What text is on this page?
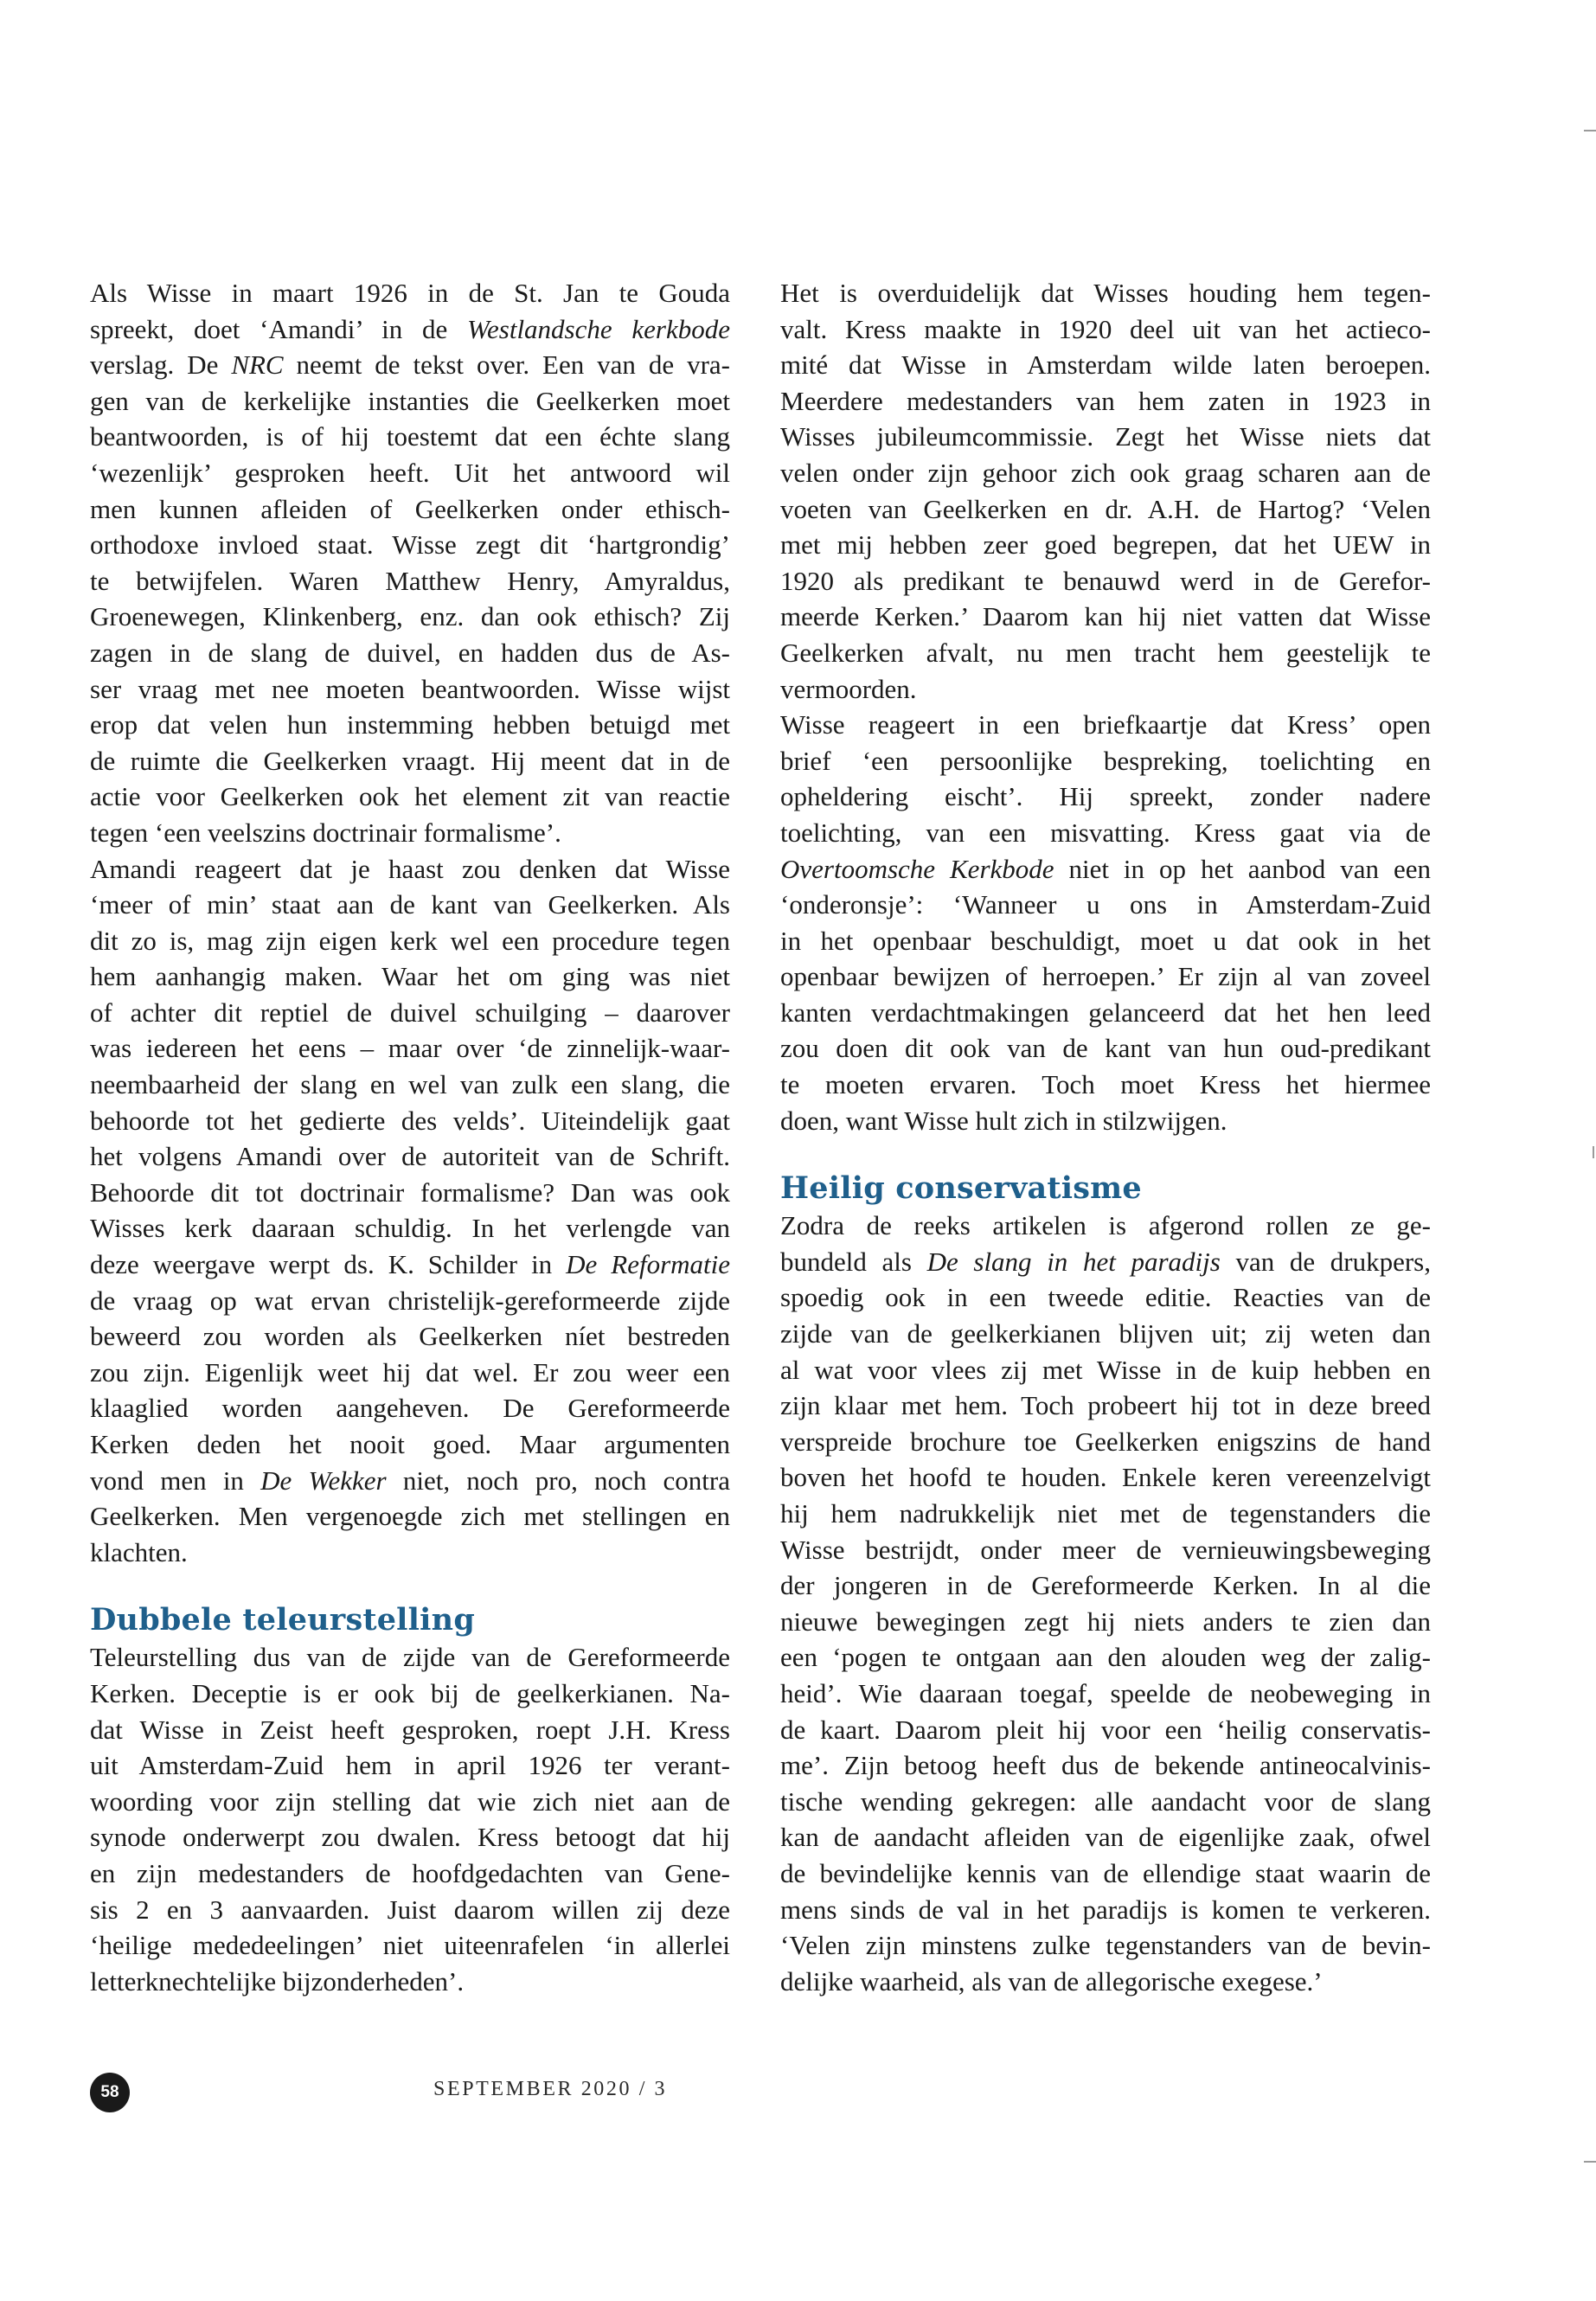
Als Wisse in maart 1926 in de St. Jan te Gouda
spreekt, doet ‘Amandi’ in de Westlandsche kerkbode
verslag. De NRC neemt de tekst over. Een van de vra-
gen van de kerkelijke instanties die Geelkerken moet
beantwoorden, is of hij toestemt dat een échte slang
‘wezenlijk’ gesproken heeft. Uit het antwoord wil
men kunnen afleiden of Geelkerken onder ethisch-
orthodoxe invloed staat. Wisse zegt dit ‘hartgrondig’
te betwijfelen. Waren Matthew Henry, Amyraldus,
Groenewegen, Klinkenberg, enz. dan ook ethisch? Zij
zagen in de slang de duivel, en hadden dus de As-
ser vraag met nee moeten beantwoorden. Wisse wijst
erop dat velen hun instemming hebben betuigd met
de ruimte die Geelkerken vraagt. Hij meent dat in de
actie voor Geelkerken ook het element zit van reactie
tegen ‘een veelszins doctrinair formalisme’.
Amandi reageert dat je haast zou denken dat Wisse
‘meer of min’ staat aan de kant van Geelkerken. Als
dit zo is, mag zijn eigen kerk wel een procedure tegen
hem aanhangig maken. Waar het om ging was niet
of achter dit reptiel de duivel schuilging – daarover
was iedereen het eens – maar over ‘de zinnelijk-waar-
neembaarheid der slang en wel van zulk een slang, die
behoorde tot het gedierte des velds’. Uiteindelijk gaat
het volgens Amandi over de autoriteit van de Schrift.
Behoorde dit tot doctrinair formalisme? Dan was ook
Wisses kerk daaraan schuldig. In het verlengde van
deze weergave werpt ds. K. Schilder in De Reformatie
de vraag op wat ervan christelijk-gereformeerde zijde
beweerd zou worden als Geelkerken níet bestreden
zou zijn. Eigenlijk weet hij dat wel. Er zou weer een
klaaglied worden aangeheven. De Gereformeerde
Kerken deden het nooit goed. Maar argumenten
vond men in De Wekker niet, noch pro, noch contra
Geelkerken. Men vergenoegde zich met stellingen en
klachten.
Dubbele teleurstelling
Teleurstelling dus van de zijde van de Gereformeerde
Kerken. Deceptie is er ook bij de geelkerkianen. Na-
dat Wisse in Zeist heeft gesproken, roept J.H. Kress
uit Amsterdam-Zuid hem in april 1926 ter verant-
woording voor zijn stelling dat wie zich niet aan de
synode onderwerpt zou dwalen. Kress betoogt dat hij
en zijn medestanders de hoofdgedachten van Gene-
sis 2 en 3 aanvaarden. Juist daarom willen zij deze
‘heilige mededeelingen’ niet uiteenrafelen ‘in allerlei
letterknechtelijke bijzonderheden’.
Het is overduidelijk dat Wisses houding hem tegen-
valt. Kress maakte in 1920 deel uit van het actieco-
mité dat Wisse in Amsterdam wilde laten beroepen.
Meerdere medestanders van hem zaten in 1923 in
Wisses jubileumcommissie. Zegt het Wisse niets dat
velen onder zijn gehoor zich ook graag scharen aan de
voeten van Geelkerken en dr. A.H. de Hartog? ‘Velen
met mij hebben zeer goed begrepen, dat het UEW in
1920 als predikant te benauwd werd in de Gerefor-
meerde Kerken.’ Daarom kan hij niet vatten dat Wisse
Geelkerken afvalt, nu men tracht hem geestelijk te
vermoorden.
Wisse reageert in een briefkaartje dat Kress’ open
brief ‘een persoonlijke bespreking, toelichting en
opheldering eischt’. Hij spreekt, zonder nadere
toelichting, van een misvatting. Kress gaat via de
Overtoomsche Kerkbode niet in op het aanbod van een
‘onderonsje’: ‘Wanneer u ons in Amsterdam-Zuid
in het openbaar beschuldigt, moet u dat ook in het
openbaar bewijzen of herroepen.’ Er zijn al van zoveel
kanten verdachtmakingen gelanceerd dat het hen leed
zou doen dit ook van de kant van hun oud-predikant
te moeten ervaren. Toch moet Kress het hiermee
doen, want Wisse hult zich in stilzwijgen.
Heilig conservatisme
Zodra de reeks artikelen is afgerond rollen ze ge-
bundeld als De slang in het paradijs van de drukpers,
spoedig ook in een tweede editie. Reacties van de
zijde van de geelkerkianen blijven uit; zij weten dan
al wat voor vlees zij met Wisse in de kuip hebben en
zijn klaar met hem. Toch probeert hij tot in deze breed
verspreide brochure toe Geelkerken enigszins de hand
boven het hoofd te houden. Enkele keren vereenzelvigt
hij hem nadrukkelijk niet met de tegenstanders die
Wisse bestrijdt, onder meer de vernieuwingsbeweging
der jongeren in de Gereformeerde Kerken. In al die
nieuwe bewegingen zegt hij niets anders te zien dan
een ‘pogen te ontgaan aan den alouden weg der zalig-
heid’. Wie daaraan toegaf, speelde de neobeweging in
de kaart. Daarom pleit hij voor een ‘heilig conservatis-
me’. Zijn betoog heeft dus de bekende antineocalvinis-
tische wending gekregen: alle aandacht voor de slang
kan de aandacht afleiden van de eigenlijke zaak, ofwel
de bevindelijke kennis van de ellendige staat waarin de
mens sinds de val in het paradijs is komen te verkeren.
‘Velen zijn minstens zulke tegenstanders van de bevin-
delijke waarheid, als van de allegorische exegese.’
58	SEPTEMBER 2020 / 3
